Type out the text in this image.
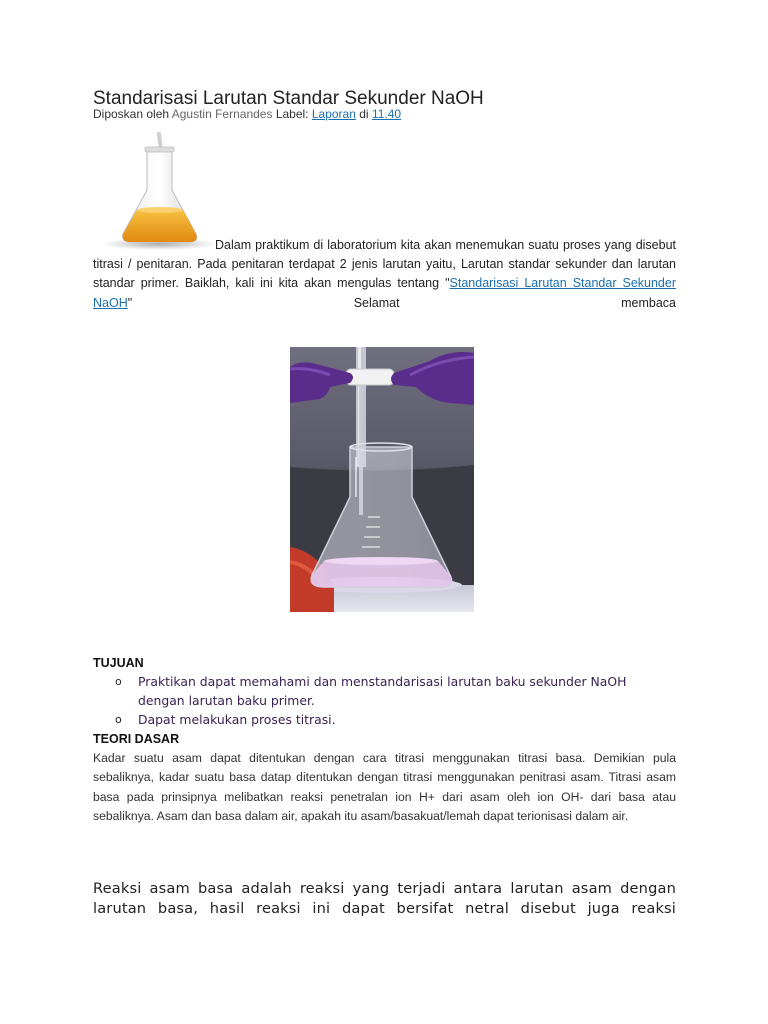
Standarisasi Larutan Standar Sekunder NaOH
Diposkan oleh Agustin Fernandes Label: Laporan di 11.40
Dalam praktikum di laboratorium kita akan menemukan suatu proses yang disebut titrasi / penitaran. Pada penitaran terdapat 2 jenis larutan yaitu, Larutan standar sekunder dan larutan standar primer. Baiklah, kali ini kita akan mengulas tentang "Standarisasi Larutan Standar Sekunder NaOH" Selamat membaca
TUJUAN
o Praktikan dapat memahami dan menstandarisasi larutan baku sekunder NaOH dengan larutan baku primer.
o Dapat melakukan proses titrasi.
TEORI DASAR
Kadar suatu asam dapat ditentukan dengan cara titrasi menggunakan titrasi basa. Demikian pula sebaliknya, kadar suatu basa datap ditentukan dengan titrasi menggunakan penitrasi asam. Titrasi asam basa pada prinsipnya melibatkan reaksi penetralan ion H+ dari asam oleh ion OH- dari basa atau sebaliknya. Asam dan basa dalam air, apakah itu asam/basakuat/lemah dapat terionisasi dalam air.
Reaksi asam basa adalah reaksi yang terjadi antara larutan asam dengan larutan basa, hasil reaksi ini dapat bersifat netral disebut juga reaksi
